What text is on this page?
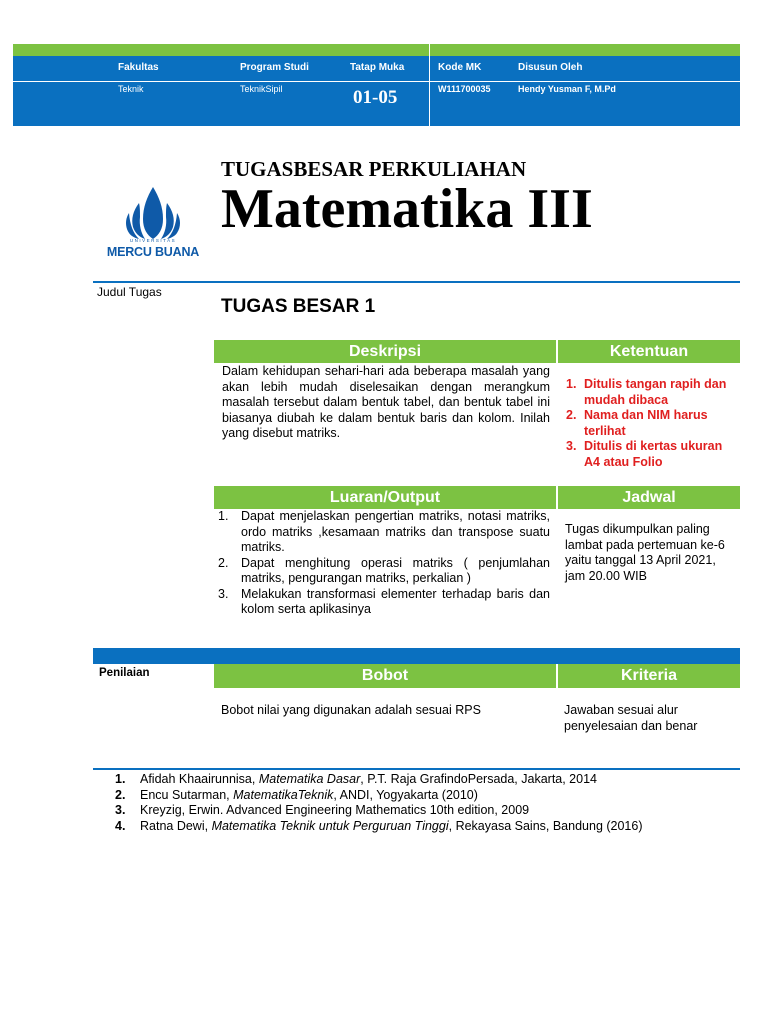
Fakultas	Program Studi	Tatap Muka	Kode MK	Disusun Oleh
Teknik	TeknikSipil	01-05	W111700035	Hendy Yusman F, M.Pd
UNIVERSITAS
MERCU BUANA
TUGASBESAR PERKULIAHAN
Matematika III
Judul Tugas
TUGAS BESAR 1
Deskripsi	Ketentuan
Dalam kehidupan sehari-hari ada beberapa masalah yang akan lebih mudah diselesaikan dengan merangkum masalah tersebut dalam bentuk tabel, dan bentuk tabel ini biasanya diubah ke dalam bentuk baris dan kolom. Inilah yang disebut matriks.
1. Ditulis tangan rapih dan mudah dibaca
2. Nama dan NIM harus terlihat
3. Ditulis di kertas ukuran A4 atau Folio
Luaran/Output	Jadwal
1. Dapat menjelaskan pengertian matriks, notasi matriks, ordo matriks ,kesamaan matriks dan transpose suatu matriks.
2. Dapat menghitung operasi matriks ( penjumlahan matriks, pengurangan matriks, perkalian )
3. Melakukan transformasi elementer terhadap baris dan kolom serta aplikasinya
Tugas dikumpulkan paling lambat pada pertemuan ke-6 yaitu tanggal 13 April 2021, jam 20.00 WIB
Penilaian	Bobot	Kriteria
Bobot nilai yang digunakan adalah sesuai RPS	Jawaban sesuai alur penyelesaian dan benar
1. Afidah Khaairunnisa, Matematika Dasar, P.T. Raja GrafindoPersada, Jakarta, 2014
2. Encu Sutarman, MatematikaTeknik, ANDI, Yogyakarta (2010)
3. Kreyzig, Erwin. Advanced Engineering Mathematics 10th edition, 2009
4. Ratna Dewi, Matematika Teknik untuk Perguruan Tinggi, Rekayasa Sains, Bandung (2016)
